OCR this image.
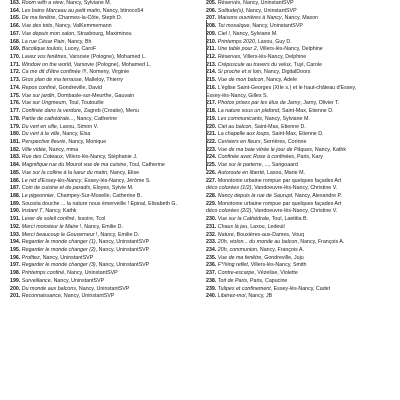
163. Room with a view, Nancy, Sylviane M.
164. Les bains Marceau au petit matin, Nancy, btinoco54
165. De ma fenêtre, Charmes-la-Côte, Steph D.
166. Vue des toits, Nancy, ValKemmemann
167. Vue depuis mon salon, Strasbourg, Maximinou
168. La rue César Pain, Nancy, Bh
169. Bucolique toulois, Lucey, CaroF
170. Lavez vos fenêtres, Varsovie (Pologne), Mohamed L.
171. Window on the world, Varsovie (Pologne), Mohamed L.
172. Ca me dit d'être confinée !!!, Nomeny, Virginie
173. Gros plan de ma terrasse, Malleloy, Thierry
174. Repos confiné, Gondreville, David
175. Vue sur jardin, Dombasle-sur-Meurthe, Gauvain
176. Vue sur Ungmeum, Toul, Toutouille
177. Confinée dans la verdure, Zagreb (Croatie), Menu
178. Partie de cathédrale..., Nancy, Catherine
179. Du vert en ville, Laxou, Simon V.
180. Du vert à la ville, Nancy, Elsa
181. Perspective fleurie, Nancy, Monique
182. Ville vidée, Nancy, mma
183. Rue des Coteaux, Villers-lès-Nancy, Stéphanie J.
184. Magnifique rue du Mourot vue de ma cuisine, Toul, Catherine
185. Vue sur la colline à la lueur du matin, Nancy, Elise
186. Le nid d'Essey-lès-Nancy, Essey-lès-Nancy, Jérôme S.
187. Coin de cuisine et de paradis, Eloyes, Sylvie M.
188. Le pigeonnier, Champey-Sur-Moselle, Catherine B.
189. Soussla douche ... la nature nous émerveille ! Épinal, Elisabeth G.
190. Instant T, Nancy, Kathk
191. Lever de soleil confiné, Issoire, Tcol
192. Merci monsieur le Maire !, Nancy, Emilie D.
193. Merci beaucoup le Gouverneur !, Nancy, Emilie D.
194. Regarder le monde changer (1), Nancy, UninstantSVP
195. Regarder le monde changer (2), Nancy, UninstantSVP
196. Profitez, Nancy, UninstantSVP
197. Regarder le monde changer (3), Nancy, UninstantSVP
198. Printemps confiné, Nancy, UninstantSVP
199. Surveillance, Nancy, UninstantSVP
200. Du monde aux balcons, Nancy, UninstantSVP
201. Reconnaissance, Nancy, UninstantSVP
205. Réservés, Nancy, UninstantSVP
206. Solitude(s), Nancy, UninstantSVP
207. Maisons ouvrières à Nancy, Nancy, Mason
208. Toi mosaïque, Nancy, UninstantSVP
209. Ciel !, Nancy, Sylviane M.
210. Printemps 2020, Laxou, Guy D.
211. Une table pour 2, Villers-lès-Nancy, Delphine
212. Réserves, Villers-lès-Nancy, Delphine
213. Crépuscule au travers du velux, Tuyl, Carole
214. Si proche et si loin, Nancy, DigitalDoors
215. Vue de mon balcon, Nancy, Adele
216. L'église Saint-Georges (XIIe s.) et le haut-château d'Essey,
Essey-lès-Nancy, Gilles S.
217. Photos prises par les élus de Jarny, Jarny, Olivier T.
218. La nature sous un plafond, Saint-Max, Etienne D.
219. Les communicants, Nancy, Sylviane M.
220. Ciel au balcon, Saint-Max, Etienne D.
221. La chapelle aux loups, Saint-Max, Etienne D.
222. Cerisiers en fleurs, Serrières, Corinne
223. Vue de ma baie vitrée le jour de Pâques, Nancy, Kathk
224. Confinée avec Rose à confinées, Paris, Kary
225. Vue sur le parterre, ..., Sangoaard
226. Autoroute en liberté, Laxou, Marie M.
227. Monotonie urbaine rompue par quelques façades Art
déco colorées (1/2), Vandoeuvre-lès-Nancy, Christine V.
228. Nancy depuis la rue de Saurupt, Nancy, Alexandre P.
229. Monotonie urbaine rompue par quelques façades Art
déco colorées (2/2), Vandoeuvre-lès-Nancy, Christine V.
230. Vue sur la Cathédrale, Toul, Laetitia B.
231. Chaux là jeu, Laxou, Ledeuil
232. Nature, Bouxières-aux-Dames, Vouq
233. 20h, violon... du monde au balcon, Nancy, François A.
234. 20h, communion, Nancy, François A.
235. Vue de ma fenêtre, Gondreville, Juju
236. F*!#ing reflet, Villers-lès-Nancy, Smith
237. Contre-escarpe, Vézelise, Violette
238. Toit de Paris, Paris, Capucine
239. Tulipes et confinement, Essey-lès-Nancy, Cadet
240. Libérez-moi, Nancy, JB
